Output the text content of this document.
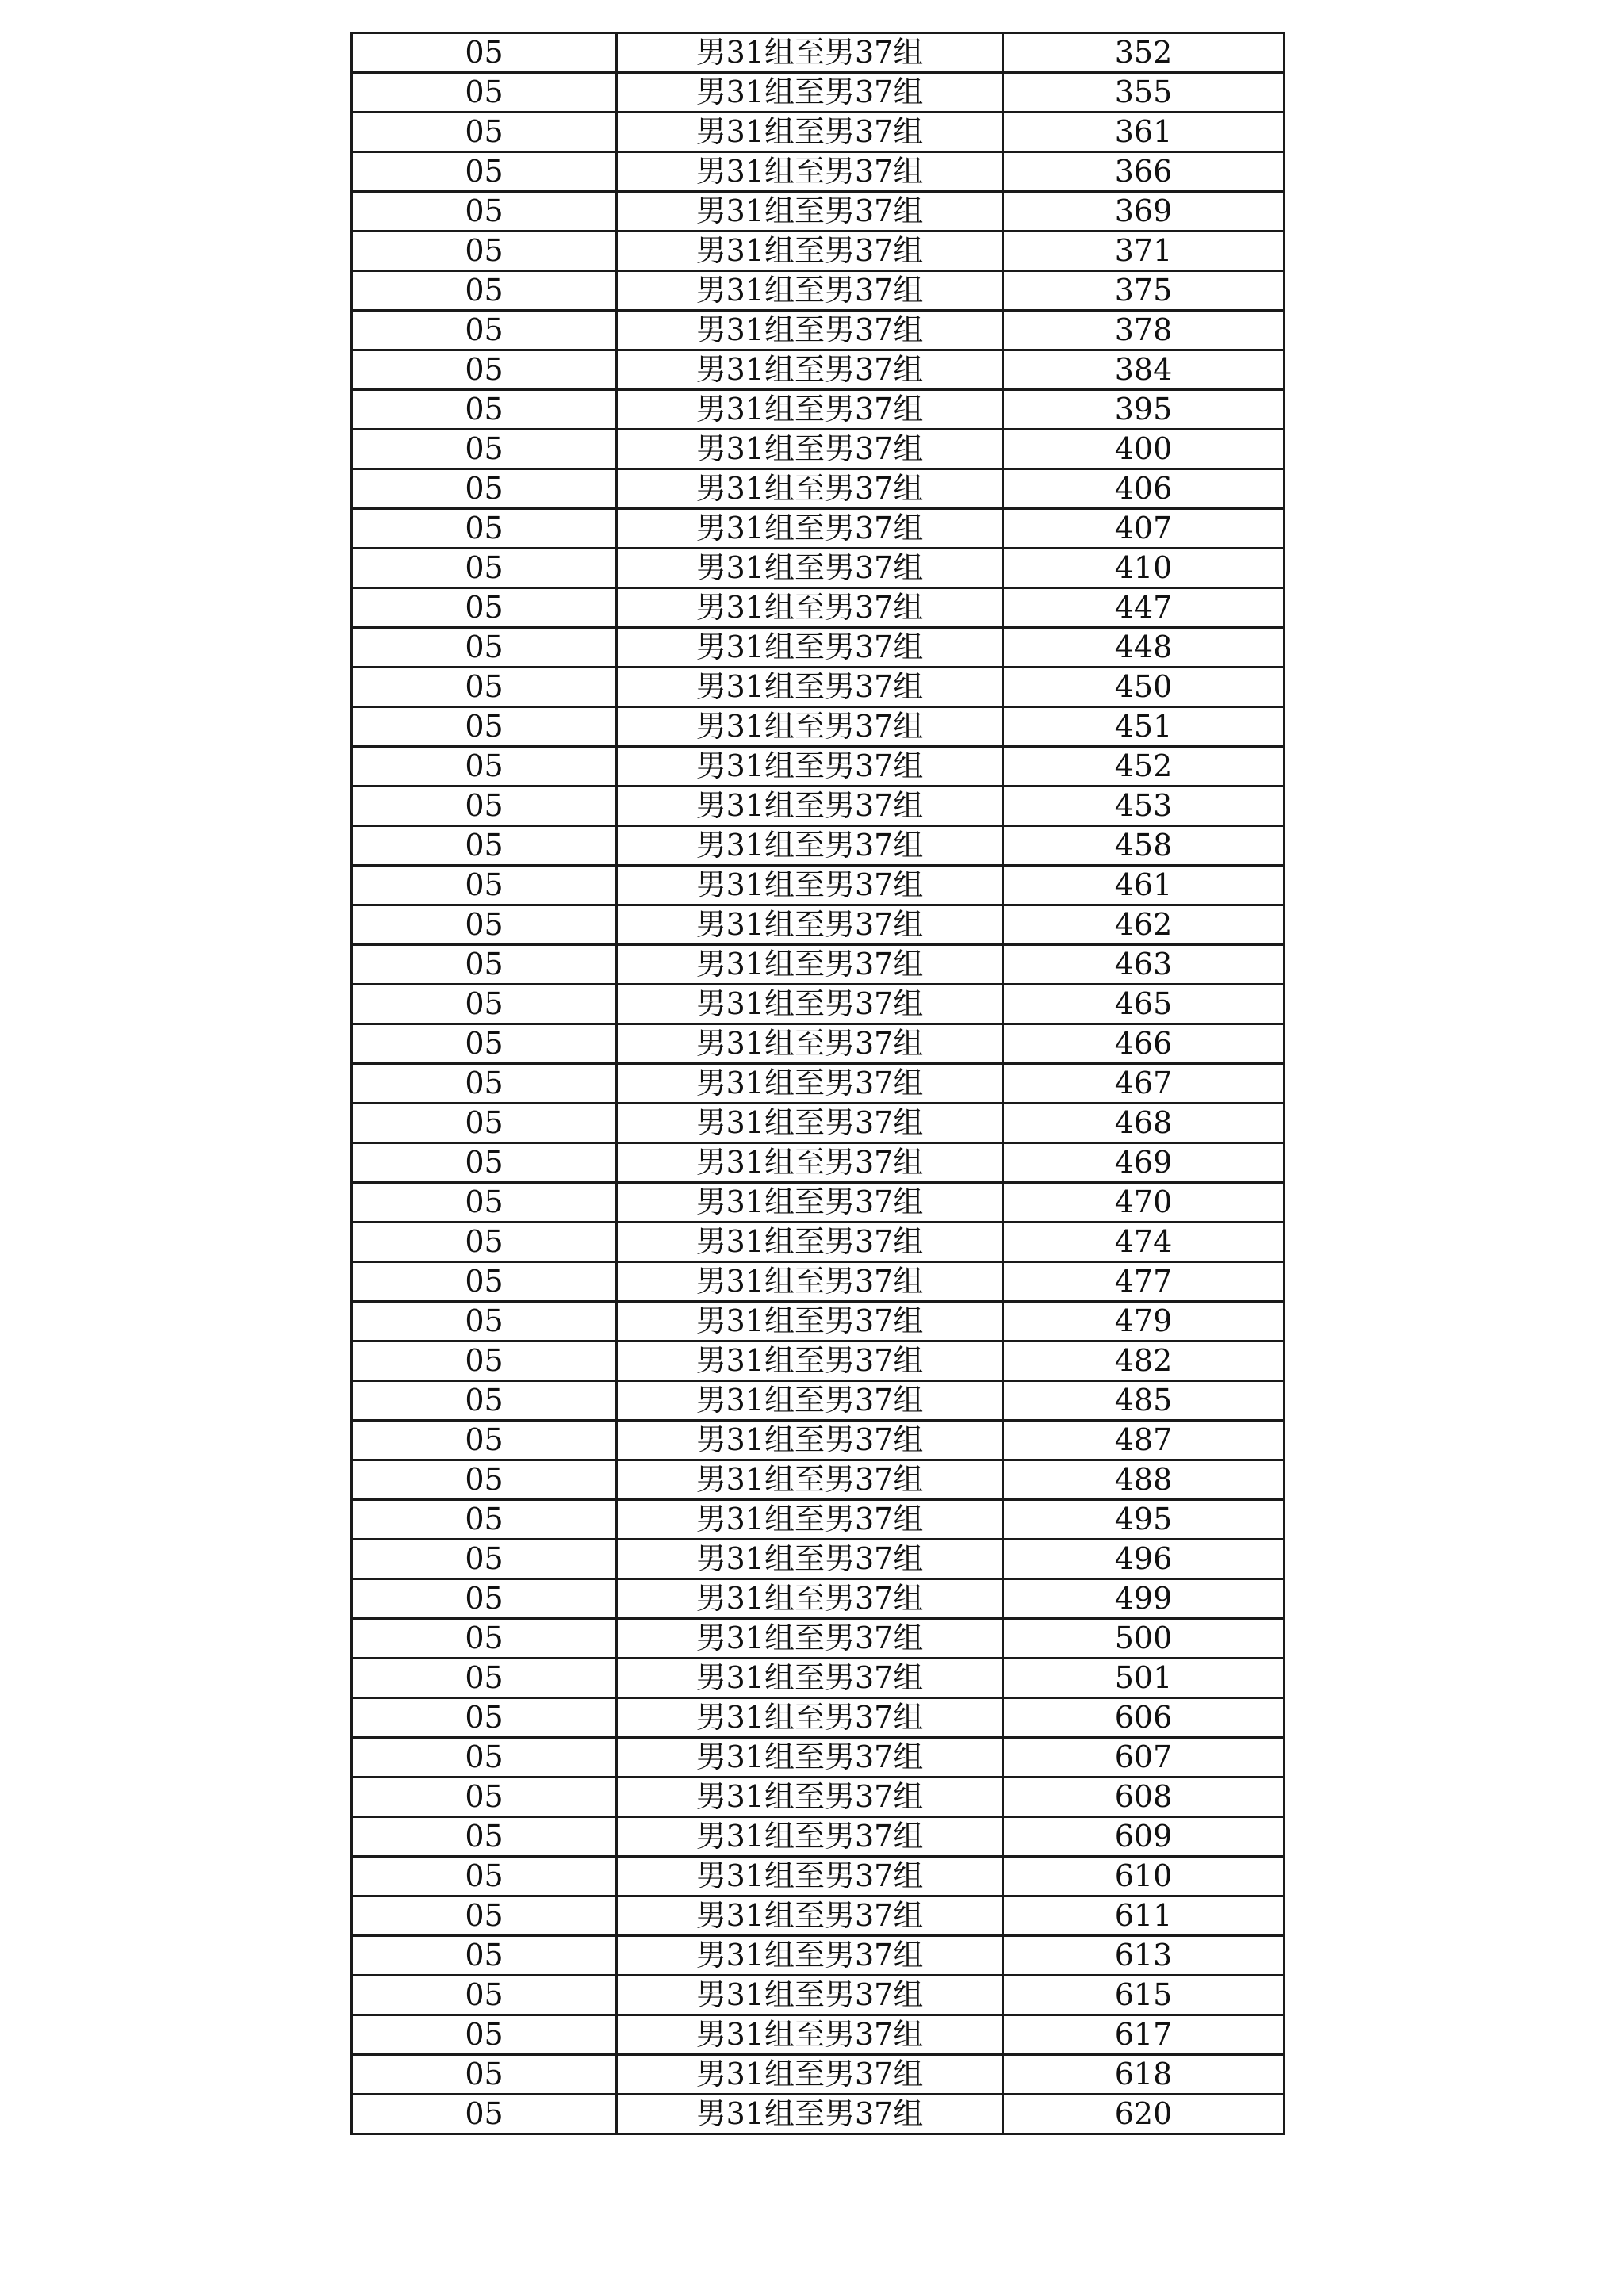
05	男31组至男37组	352
05	男31组至男37组	355
05	男31组至男37组	361
05	男31组至男37组	366
05	男31组至男37组	369
05	男31组至男37组	371
05	男31组至男37组	375
05	男31组至男37组	378
05	男31组至男37组	384
05	男31组至男37组	395
05	男31组至男37组	400
05	男31组至男37组	406
05	男31组至男37组	407
05	男31组至男37组	410
05	男31组至男37组	447
05	男31组至男37组	448
05	男31组至男37组	450
05	男31组至男37组	451
05	男31组至男37组	452
05	男31组至男37组	453
05	男31组至男37组	458
05	男31组至男37组	461
05	男31组至男37组	462
05	男31组至男37组	463
05	男31组至男37组	465
05	男31组至男37组	466
05	男31组至男37组	467
05	男31组至男37组	468
05	男31组至男37组	469
05	男31组至男37组	470
05	男31组至男37组	474
05	男31组至男37组	477
05	男31组至男37组	479
05	男31组至男37组	482
05	男31组至男37组	485
05	男31组至男37组	487
05	男31组至男37组	488
05	男31组至男37组	495
05	男31组至男37组	496
05	男31组至男37组	499
05	男31组至男37组	500
05	男31组至男37组	501
05	男31组至男37组	606
05	男31组至男37组	607
05	男31组至男37组	608
05	男31组至男37组	609
05	男31组至男37组	610
05	男31组至男37组	611
05	男31组至男37组	613
05	男31组至男37组	615
05	男31组至男37组	617
05	男31组至男37组	618
05	男31组至男37组	620
